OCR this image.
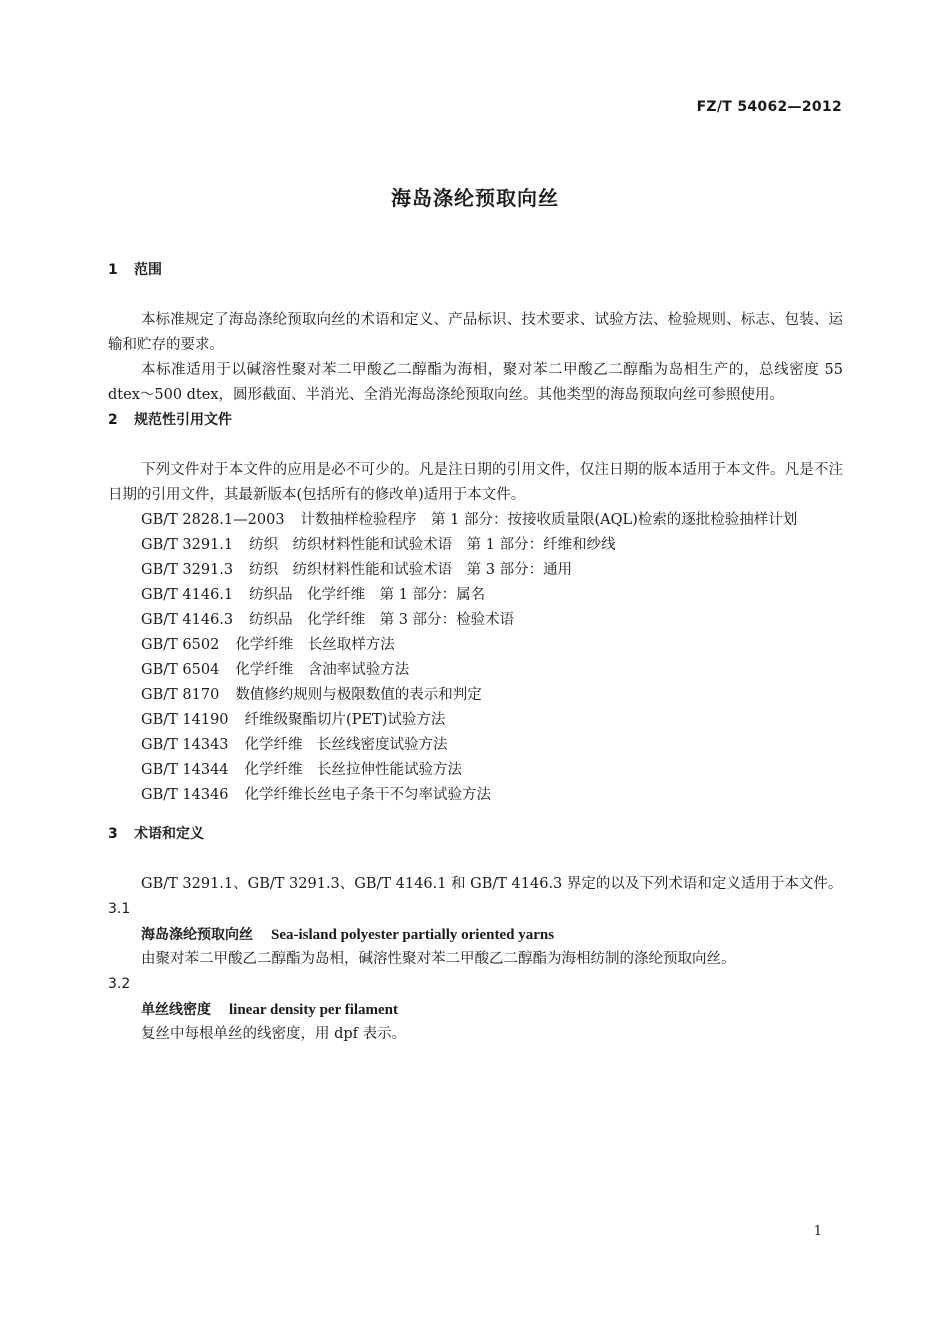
FZ/T 54062—2012
海岛涤纶预取向丝
1 范围
本标准规定了海岛涤纶预取向丝的术语和定义、产品标识、技术要求、试验方法、检验规则、标志、包装、运输和贮存的要求。
本标准适用于以碱溶性聚对苯二甲酸乙二醇酯为海相，聚对苯二甲酸乙二醇酯为岛相生产的，总线密度 55 dtex～500 dtex，圆形截面、半消光、全消光海岛涤纶预取向丝。其他类型的海岛预取向丝可参照使用。
2 规范性引用文件
下列文件对于本文件的应用是必不可少的。凡是注日期的引用文件，仅注日期的版本适用于本文件。凡是不注日期的引用文件，其最新版本(包括所有的修改单)适用于本文件。
GB/T 2828.1—2003 计数抽样检验程序　第 1 部分：按接收质量限(AQL)检索的逐批检验抽样计划
GB/T 3291.1 纺织　纺织材料性能和试验术语　第 1 部分：纤维和纱线
GB/T 3291.3 纺织　纺织材料性能和试验术语　第 3 部分：通用
GB/T 4146.1 纺织品　化学纤维　第 1 部分：属名
GB/T 4146.3 纺织品　化学纤维　第 3 部分：检验术语
GB/T 6502 化学纤维　长丝取样方法
GB/T 6504 化学纤维　含油率试验方法
GB/T 8170 数值修约规则与极限数值的表示和判定
GB/T 14190 纤维级聚酯切片(PET)试验方法
GB/T 14343 化学纤维　长丝线密度试验方法
GB/T 14344 化学纤维　长丝拉伸性能试验方法
GB/T 14346 化学纤维长丝电子条干不匀率试验方法
3 术语和定义
GB/T 3291.1、GB/T 3291.3、GB/T 4146.1 和 GB/T 4146.3 界定的以及下列术语和定义适用于本文件。
3.1
海岛涤纶预取向丝 Sea-island polyester partially oriented yarns
由聚对苯二甲酸乙二醇酯为岛相，碱溶性聚对苯二甲酸乙二醇酯为海相纺制的涤纶预取向丝。
3.2
单丝线密度 linear density per filament
复丝中每根单丝的线密度，用 dpf 表示。
1
